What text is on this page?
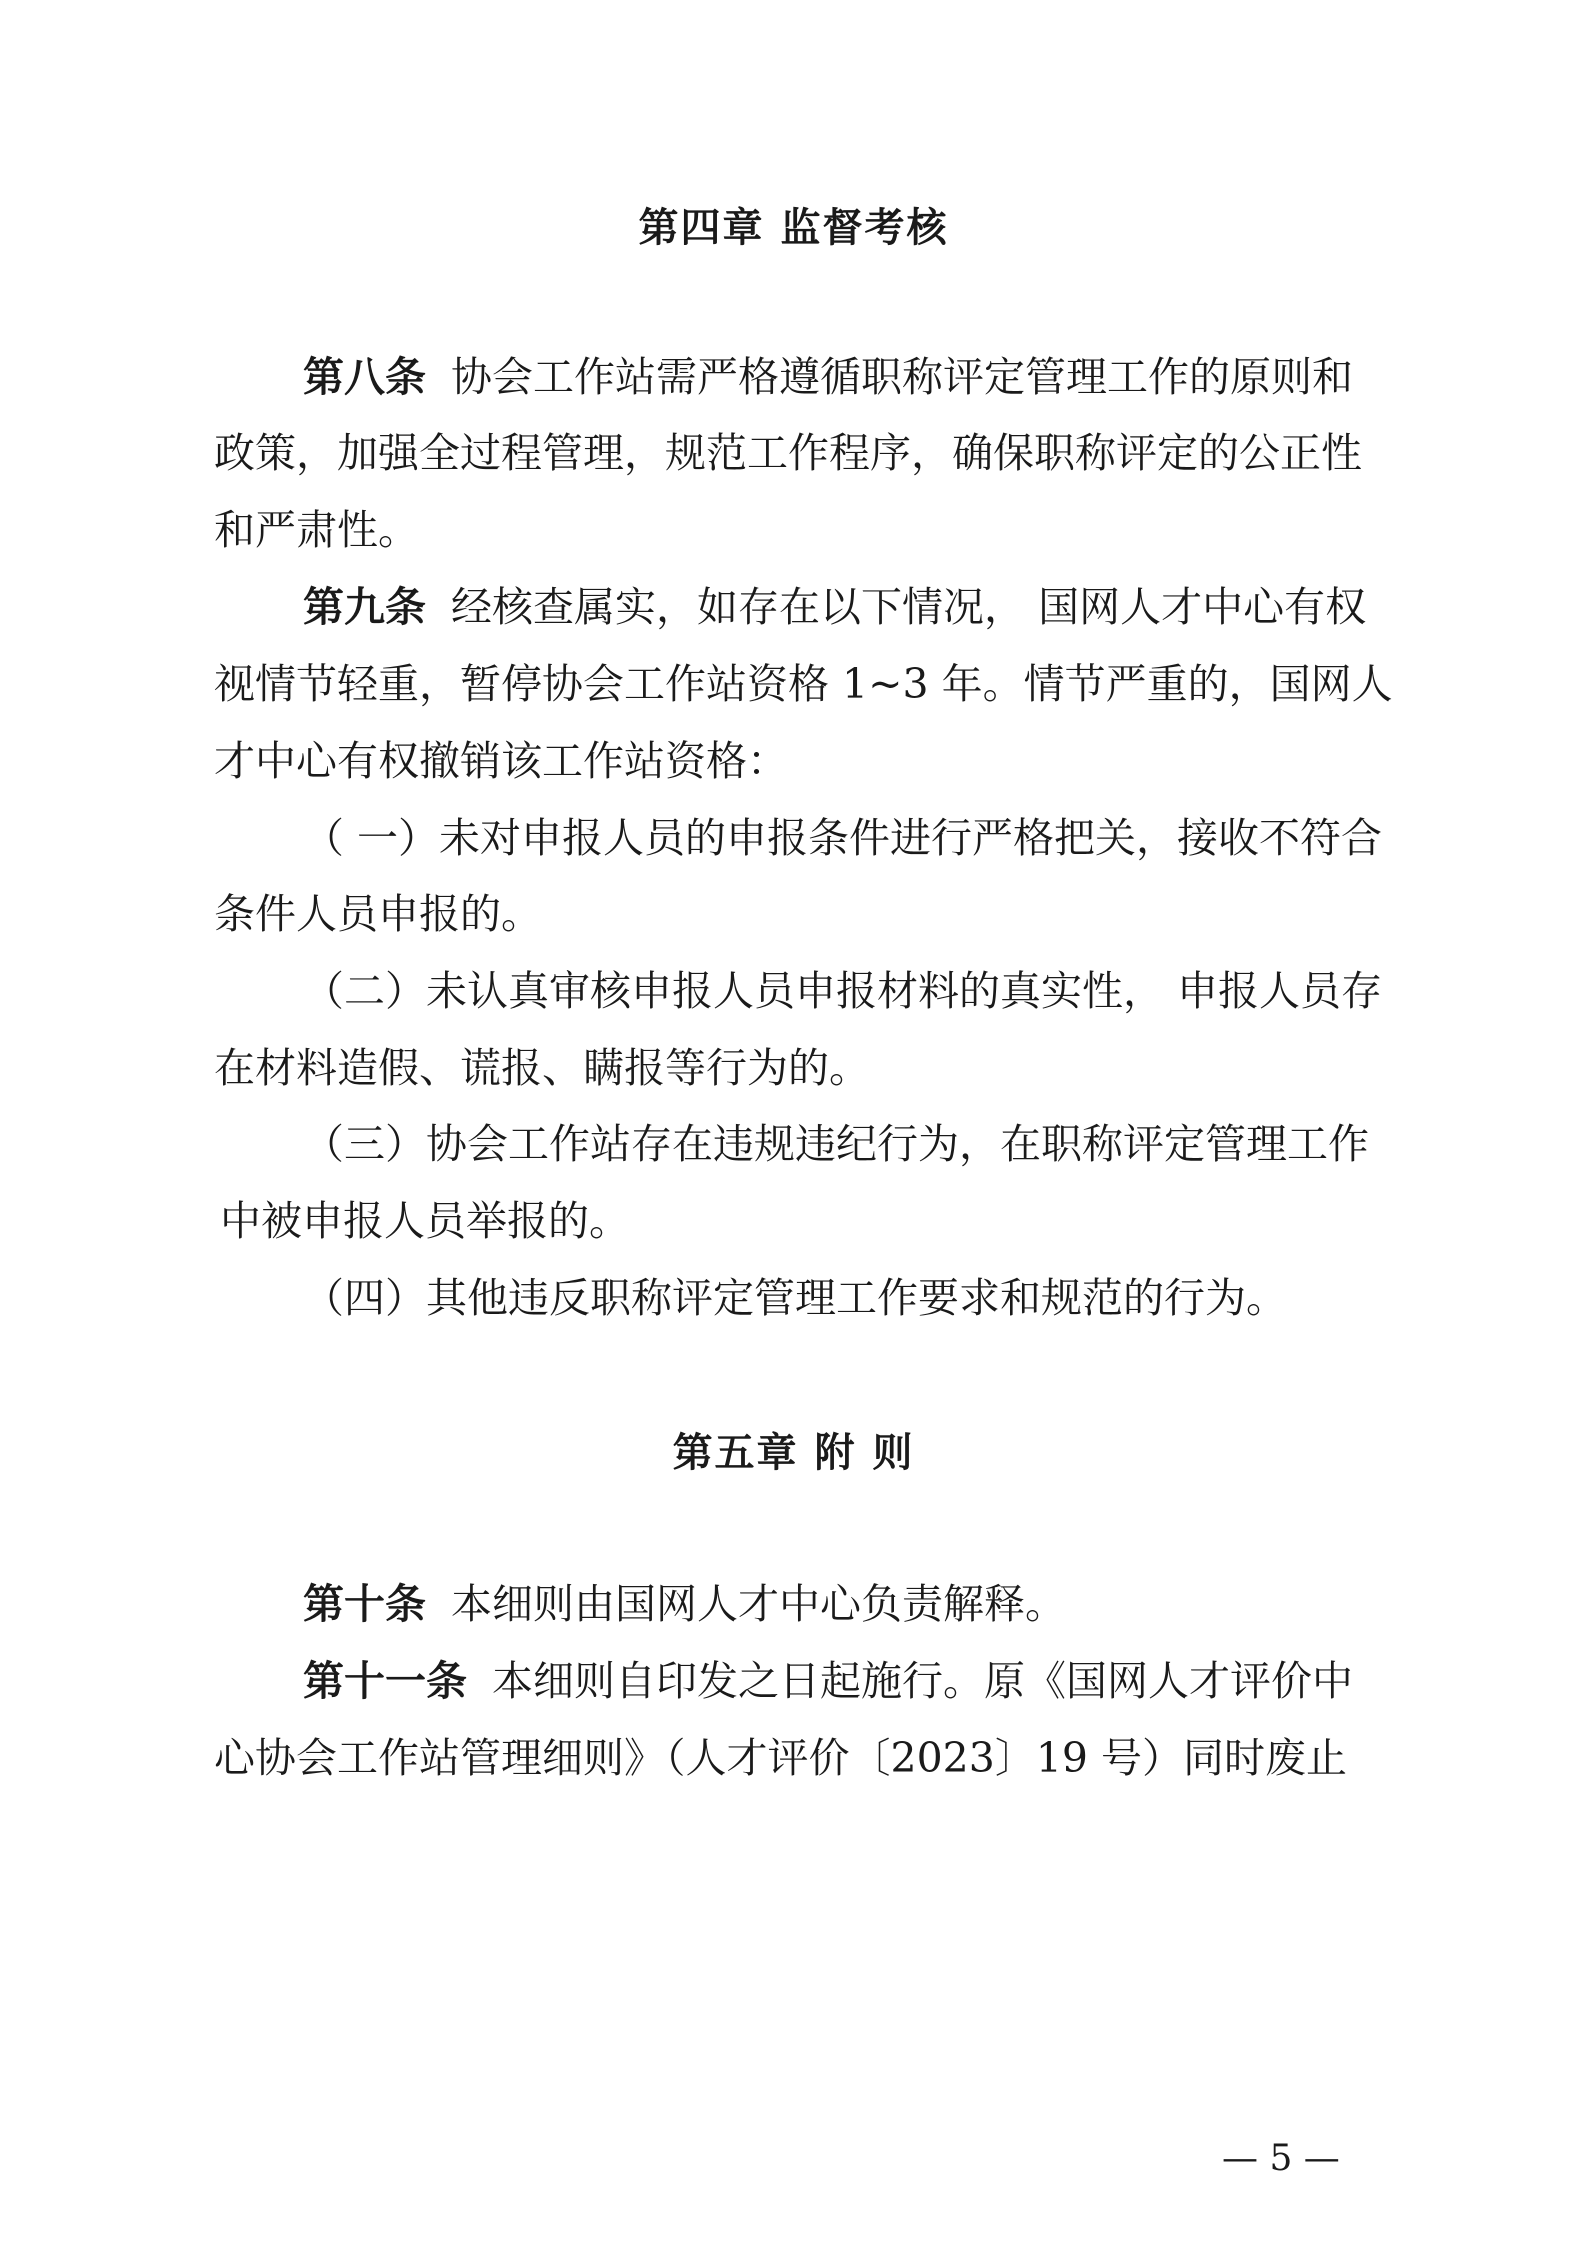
第四章 监督考核
第八条 协会工作站需严格遵循职称评定管理工作的原则和
政策，加强全过程管理，规范工作程序，确保职称评定的公正性
和严肃性。
第九条 经核查属实，如存在以下情况， 国网人才中心有权
视情节轻重，暂停协会工作站资格 1~3 年。情节严重的，国网人
才中心有权撤销该工作站资格：
（ 一）未对申报人员的申报条件进行严格把关，接收不符合
条件人员申报的。
（二）未认真审核申报人员申报材料的真实性， 申报人员存
在材料造假、谎报、瞒报等行为的。
（三）协会工作站存在违规违纪行为，在职称评定管理工作
中被申报人员举报的。
（四）其他违反职称评定管理工作要求和规范的行为。
第五章 附 则
第十条 本细则由国网人才中心负责解释。
第十一条 本细则自印发之日起施行。原《国网人才评价中
心协会工作站管理细则》（人才评价〔2023〕19 号）同时废止
— 5 —
